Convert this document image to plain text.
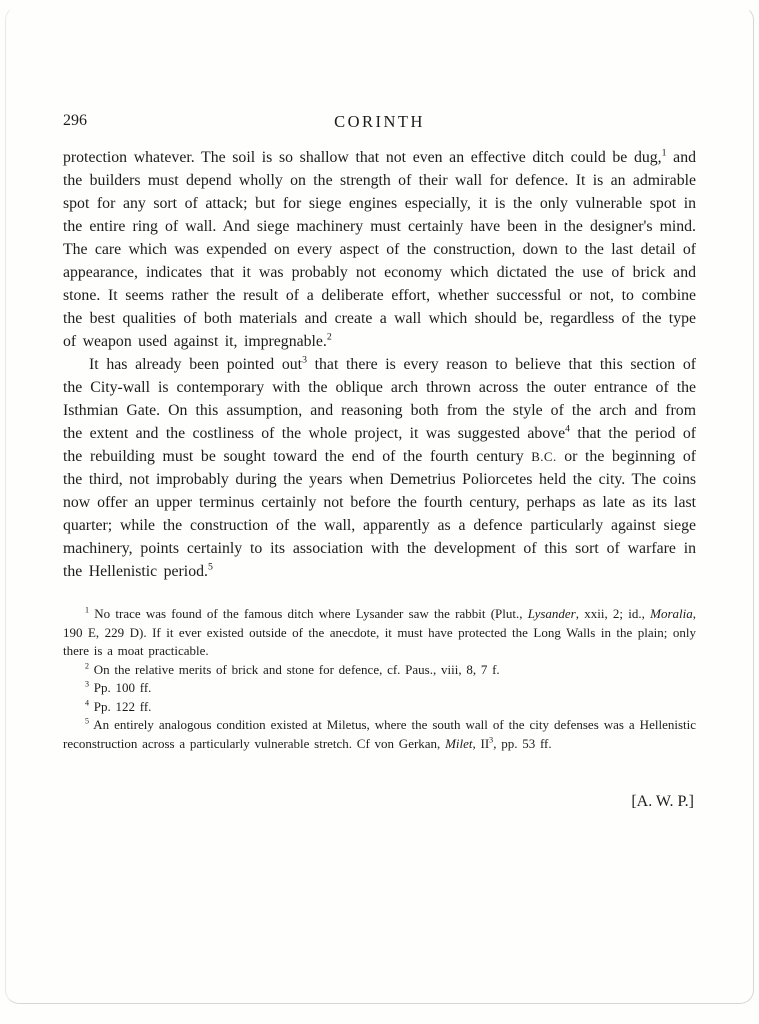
296	CORINTH

protection whatever. The soil is so shallow that not even an effective ditch could be dug,$^1$ and the builders must depend wholly on the strength of their wall for defence. It is an admirable spot for any sort of attack; but for siege engines especially, it is the only vulnerable spot in the entire ring of wall. And siege machinery must certainly have been in the designer's mind. The care which was expended on every aspect of the construction, down to the last detail of appearance, indicates that it was probably not economy which dictated the use of brick and stone. It seems rather the result of a deliberate effort, whether successful or not, to combine the best qualities of both materials and create a wall which should be, regardless of the type of weapon used against it, impregnable.$^2$

It has already been pointed out$^3$ that there is every reason to believe that this section of the City-wall is contemporary with the oblique arch thrown across the outer entrance of the Isthmian Gate. On this assumption, and reasoning both from the style of the arch and from the extent and the costliness of the whole project, it was suggested above$^4$ that the period of the rebuilding must be sought toward the end of the fourth century B.C. or the beginning of the third, not improbably during the years when Demetrius Poliorcetes held the city. The coins now offer an upper terminus certainly not before the fourth century, perhaps as late as its last quarter; while the construction of the wall, apparently as a defence particularly against siege machinery, points certainly to its association with the development of this sort of warfare in the Hellenistic period.$^5$

$^1$ No trace was found of the famous ditch where Lysander saw the rabbit (Plut., Lysander, xxii, 2; id., Moralia, 190 E, 229 D). If it ever existed outside of the anecdote, it must have protected the Long Walls in the plain; only there is a moat practicable.

$^2$ On the relative merits of brick and stone for defence, cf. Paus., viii, 8, 7 f.

$^3$ Pp. 100 ff.

$^4$ Pp. 122 ff.

$^5$ An entirely analogous condition existed at Miletus, where the south wall of the city defenses was a Hellenistic reconstruction across a particularly vulnerable stretch. Cf von Gerkan, Milet, $II^3$, pp. 53 ff.

[A. W. P.]
